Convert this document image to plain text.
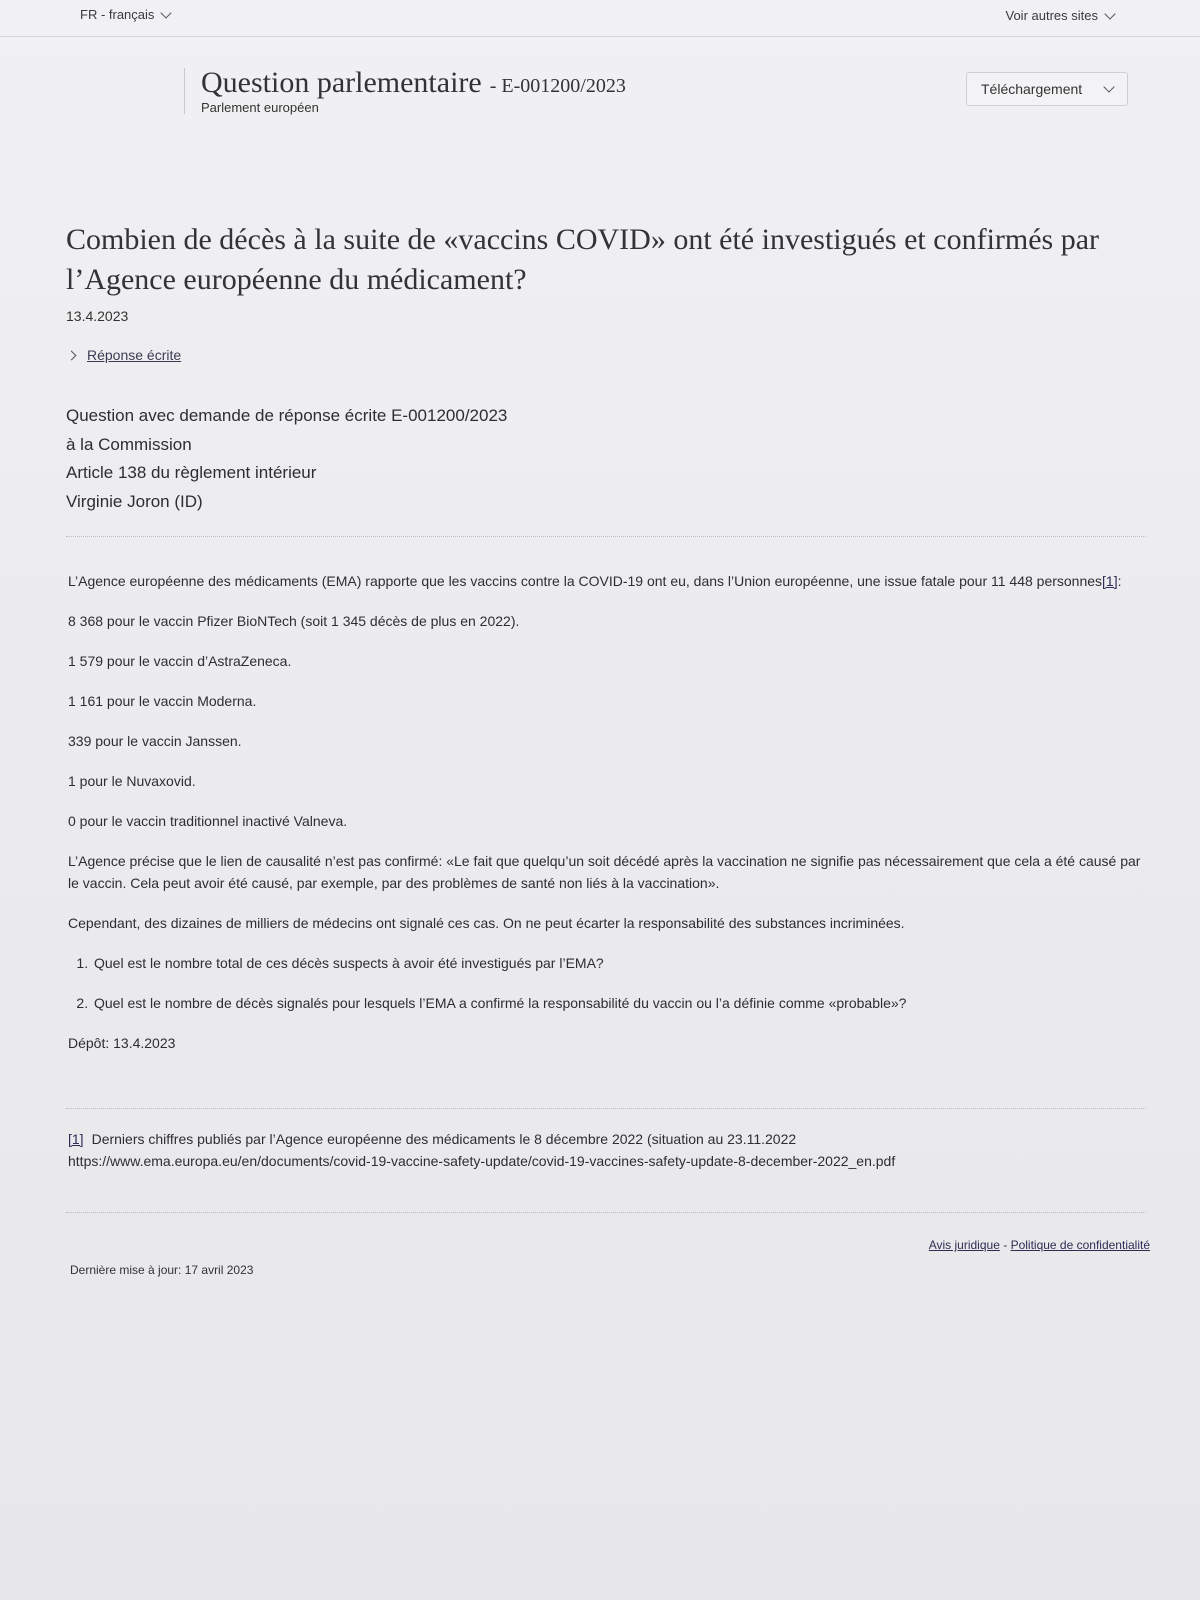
FR - français	Voir autres sites
Question parlementaire - E-001200/2023
Parlement européen
Téléchargement
Combien de décès à la suite de «vaccins COVID» ont été investigués et confirmés par l’Agence européenne du médicament?
13.4.2023
Réponse écrite
Question avec demande de réponse écrite E-001200/2023
à la Commission
Article 138 du règlement intérieur
Virginie Joron (ID)

L’Agence européenne des médicaments (EMA) rapporte que les vaccins contre la COVID-19 ont eu, dans l’Union européenne, une issue fatale pour 11 448 personnes[1]:

8 368 pour le vaccin Pfizer BioNTech (soit 1 345 décès de plus en 2022).

1 579 pour le vaccin d’AstraZeneca.

1 161 pour le vaccin Moderna.

339 pour le vaccin Janssen.

1 pour le Nuvaxovid.

0 pour le vaccin traditionnel inactivé Valneva.

L’Agence précise que le lien de causalité n’est pas confirmé: «Le fait que quelqu’un soit décédé après la vaccination ne signifie pas nécessairement que cela a été causé par le vaccin. Cela peut avoir été causé, par exemple, par des problèmes de santé non liés à la vaccination».

Cependant, des dizaines de milliers de médecins ont signalé ces cas. On ne peut écarter la responsabilité des substances incriminées.

1. Quel est le nombre total de ces décès suspects à avoir été investigués par l’EMA?
2. Quel est le nombre de décès signalés pour lesquels l’EMA a confirmé la responsabilité du vaccin ou l’a définie comme «probable»?

Dépôt: 13.4.2023

[1] Derniers chiffres publiés par l’Agence européenne des médicaments le 8 décembre 2022 (situation au 23.11.2022
https://www.ema.europa.eu/en/documents/covid-19-vaccine-safety-update/covid-19-vaccines-safety-update-8-december-2022_en.pdf
Avis juridique - Politique de confidentialité
Dernière mise à jour: 17 avril 2023
